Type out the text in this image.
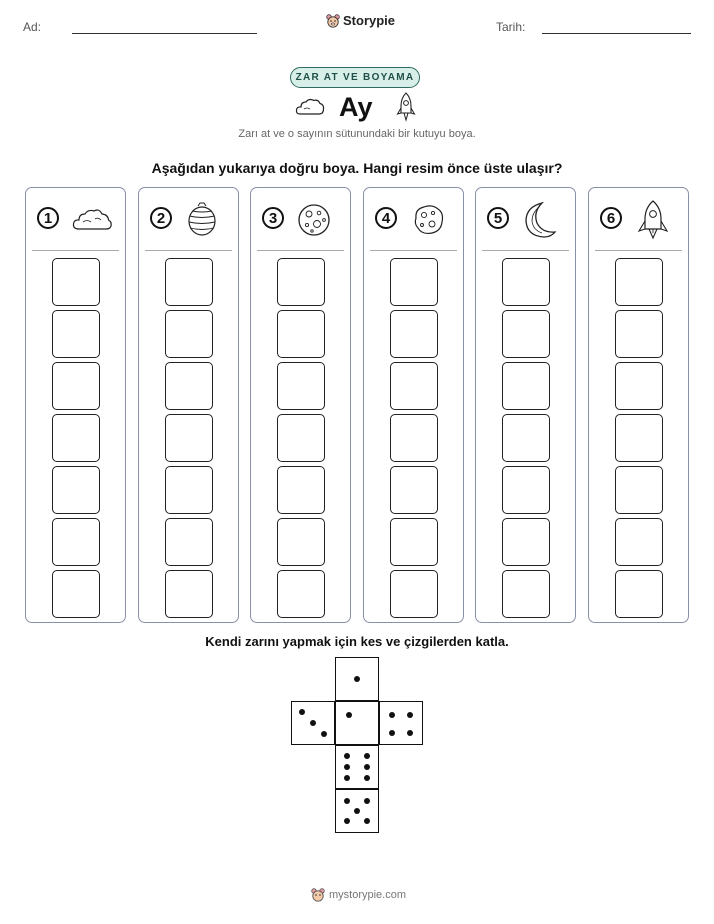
Ad:	Storypie	Tarih:
ZAR AT VE BOYAMA
Ay
Zarı at ve o sayının sütunundaki bir kutuyu boya.
Aşağıdan yukarıya doğru boya. Hangi resim önce üste ulaşır?
1	2	3	4	5	6
Kendi zarını yapmak için kes ve çizgilerden katla.
mystorypie.com
